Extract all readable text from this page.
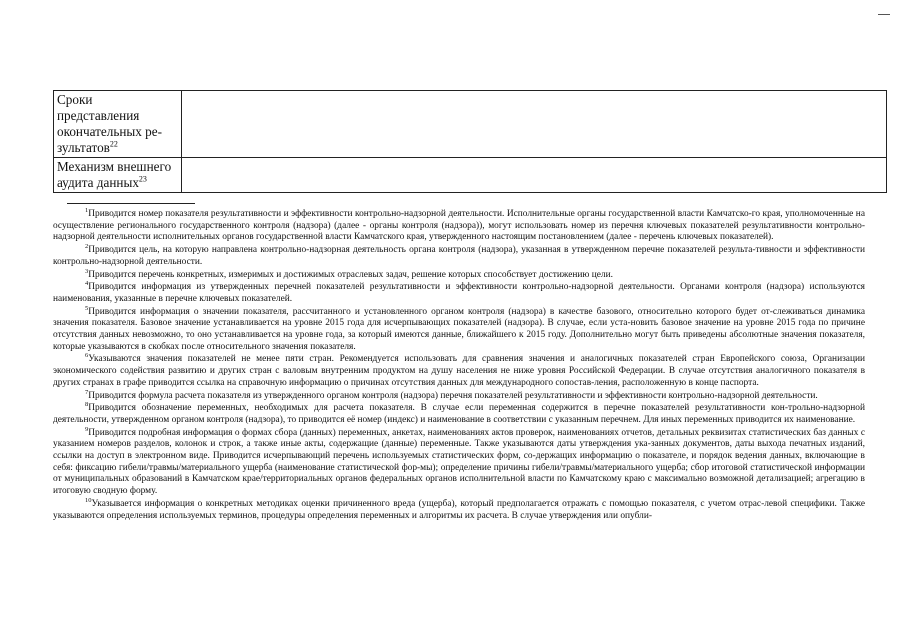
Сроки представления окончательных ре-зультатов$^{22}$	
Механизм внешнего аудита данных$^{23}$	

$^1$Приводится номер показателя результативности и эффективности контрольно-надзорной деятельности. Исполнительные органы государственной власти Камчатско-го края, уполномоченные на осуществление регионального государственного контроля (надзора) (далее - органы контроля (надзора)), могут использовать номер из перечня ключевых показателей результативности контрольно-надзорной деятельности исполнительных органов государственной власти Камчатского края, утвержденного настоящим постановлением (далее - перечень ключевых показателей).

$^2$Приводится цель, на которую направлена контрольно-надзорная деятельность органа контроля (надзора), указанная в утвержденном перечне показателей результа-тивности и эффективности контрольно-надзорной деятельности.

$^3$Приводится перечень конкретных, измеримых и достижимых отраслевых задач, решение которых способствует достижению цели.

$^4$Приводится информация из утвержденных перечней показателей результативности и эффективности контрольно-надзорной деятельности. Органами контроля (надзора) используются наименования, указанные в перечне ключевых показателей.

$^5$Приводится информация о значении показателя, рассчитанного и установленного органом контроля (надзора) в качестве базового, относительно которого будет от-слеживаться динамика значения показателя. Базовое значение устанавливается на уровне 2015 года для исчерпывающих показателей (надзора). В случае, если уста-новить базовое значение на уровне 2015 года по причине отсутствия данных невозможно, то оно устанавливается на уровне года, за который имеются данные, ближайшего к 2015 году. Дополнительно могут быть приведены абсолютные значения показателя, которые указываются в скобках после относительного значения показателя.

$^6$Указываются значения показателей не менее пяти стран. Рекомендуется использовать для сравнения значения и аналогичных показателей стран Европейского союза, Организации экономического содействия развитию и других стран с валовым внутренним продуктом на душу населения не ниже уровня Российской Федерации. В случае отсутствия аналогичного показателя в других странах в графе приводится ссылка на справочную информацию о причинах отсутствия данных для международного сопостав-ления, расположенную в конце паспорта.

$^7$Приводится формула расчета показателя из утвержденного органом контроля (надзора) перечня показателей результативности и эффективности контрольно-надзорной деятельности.

$^8$Приводится обозначение переменных, необходимых для расчета показателя. В случае если переменная содержится в перечне показателей результативности кон-трольно-надзорной деятельности, утвержденном органом контроля (надзора), то приводится её номер (индекс) и наименование в соответствии с указанным перечнем. Для иных переменных приводится их наименование.

$^9$Приводится подробная информация о формах сбора (данных) переменных, анкетах, наименованиях актов проверок, наименованиях отчетов, детальных реквизитах статистических баз данных с указанием номеров разделов, колонок и строк, а также иные акты, содержащие (данные) переменные. Также указываются даты утверждения ука-занных документов, даты выхода печатных изданий, ссылки на доступ в электронном виде. Приводится исчерпывающий перечень используемых статистических форм, со-держащих информацию о показателе, и порядок ведения данных, включающие в себя: фиксацию гибели/травмы/материального ущерба (наименование статистической фор-мы); определение причины гибели/травмы/материального ущерба; сбор итоговой статистической информации от муниципальных образований в Камчатском крае/территориальных органов федеральных органов исполнительной власти по Камчатскому краю с максимально возможной детализацией; агрегацию в итоговую сводную форму.

$^{10}$Указывается информация о конкретных методиках оценки причиненного вреда (ущерба), который предполагается отражать с помощью показателя, с учетом отрас-левой специфики. Также указываются определения используемых терминов, процедуры определения переменных и алгоритмы их расчета. В случае утверждения или опубли-
